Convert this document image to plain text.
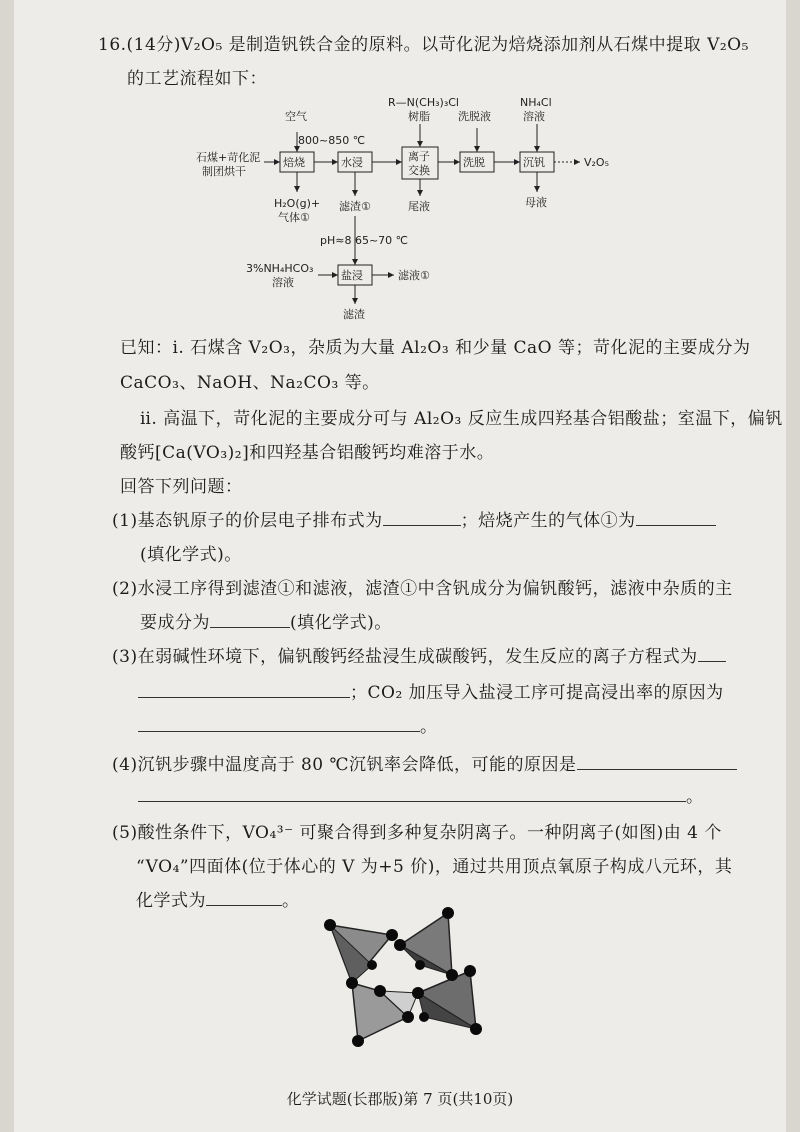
16.(14分)V₂O₅ 是制造钒铁合金的原料。以苛化泥为焙烧添加剂从石煤中提取 V₂O₅
的工艺流程如下：
石煤+苛化泥
制团烘干
空气
800~850 ℃
焙烧
H₂O(g)+
气体①
水浸
滤渣①
R—N(CH₃)₃Cl
树脂
离子
交换
尾液
洗脱液
洗脱
NH₄Cl
溶液
沉钒
母液
V₂O₅
pH≈8 65~70 ℃
3%NH₄HCO₃
溶液
盐浸	滤液①
滤渣
已知：ⅰ. 石煤含 V₂O₃，杂质为大量 Al₂O₃ 和少量 CaO 等；苛化泥的主要成分为
CaCO₃、NaOH、Na₂CO₃ 等。
ⅱ. 高温下，苛化泥的主要成分可与 Al₂O₃ 反应生成四羟基合铝酸盐；室温下，偏钒
酸钙[Ca(VO₃)₂]和四羟基合铝酸钙均难溶于水。
回答下列问题：
(1)基态钒原子的价层电子排布式为	；焙烧产生的气体①为
(填化学式)。
(2)水浸工序得到滤渣①和滤液，滤渣①中含钒成分为偏钒酸钙，滤液中杂质的主
要成分为	(填化学式)。
(3)在弱碱性环境下，偏钒酸钙经盐浸生成碳酸钙，发生反应的离子方程式为
；CO₂ 加压导入盐浸工序可提高浸出率的原因为
。
(4)沉钒步骤中温度高于 80 ℃沉钒率会降低，可能的原因是
。
(5)酸性条件下，VO₄³⁻ 可聚合得到多种复杂阴离子。一种阴离子(如图)由 4 个
“VO₄”四面体(位于体心的 V 为+5 价)，通过共用顶点氧原子构成八元环，其
化学式为	。
化学试题(长郡版)第 7 页(共10页)
